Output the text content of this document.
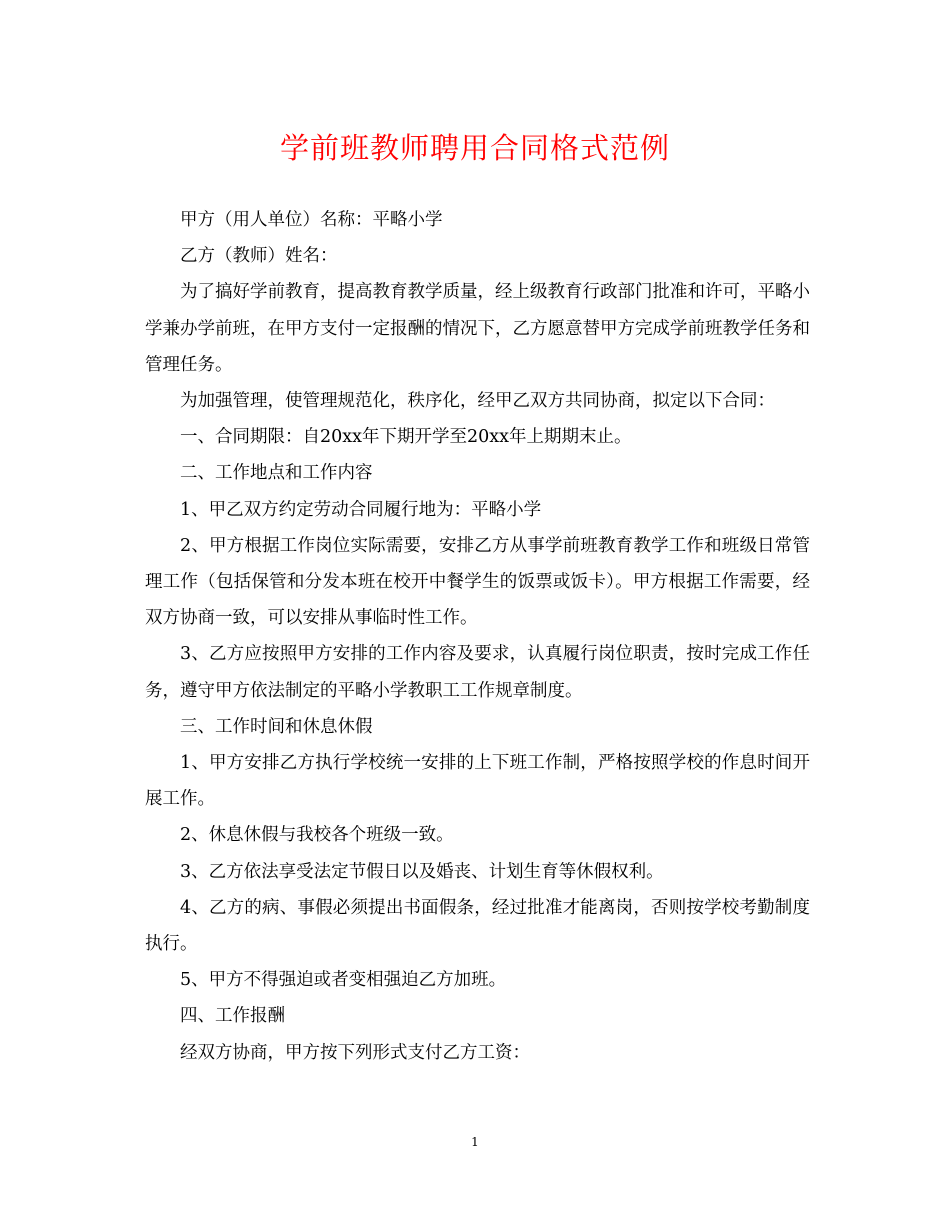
学前班教师聘用合同格式范例

甲方（用人单位）名称：平略小学

乙方（教师）姓名：

为了搞好学前教育，提高教育教学质量，经上级教育行政部门批准和许可，平略小学兼办学前班，在甲方支付一定报酬的情况下，乙方愿意替甲方完成学前班教学任务和管理任务。

为加强管理，使管理规范化，秩序化，经甲乙双方共同协商，拟定以下合同：

一、合同期限：自20xx年下期开学至20xx年上期期末止。

二、工作地点和工作内容

1、甲乙双方约定劳动合同履行地为：平略小学

2、甲方根据工作岗位实际需要，安排乙方从事学前班教育教学工作和班级日常管理工作（包括保管和分发本班在校开中餐学生的饭票或饭卡）。甲方根据工作需要，经双方协商一致，可以安排从事临时性工作。

3、乙方应按照甲方安排的工作内容及要求，认真履行岗位职责，按时完成工作任务，遵守甲方依法制定的平略小学教职工工作规章制度。

三、工作时间和休息休假

1、甲方安排乙方执行学校统一安排的上下班工作制，严格按照学校的作息时间开展工作。

2、休息休假与我校各个班级一致。

3、乙方依法享受法定节假日以及婚丧、计划生育等休假权利。

4、乙方的病、事假必须提出书面假条，经过批准才能离岗，否则按学校考勤制度执行。

5、甲方不得强迫或者变相强迫乙方加班。

四、工作报酬

经双方协商，甲方按下列形式支付乙方工资：

1
